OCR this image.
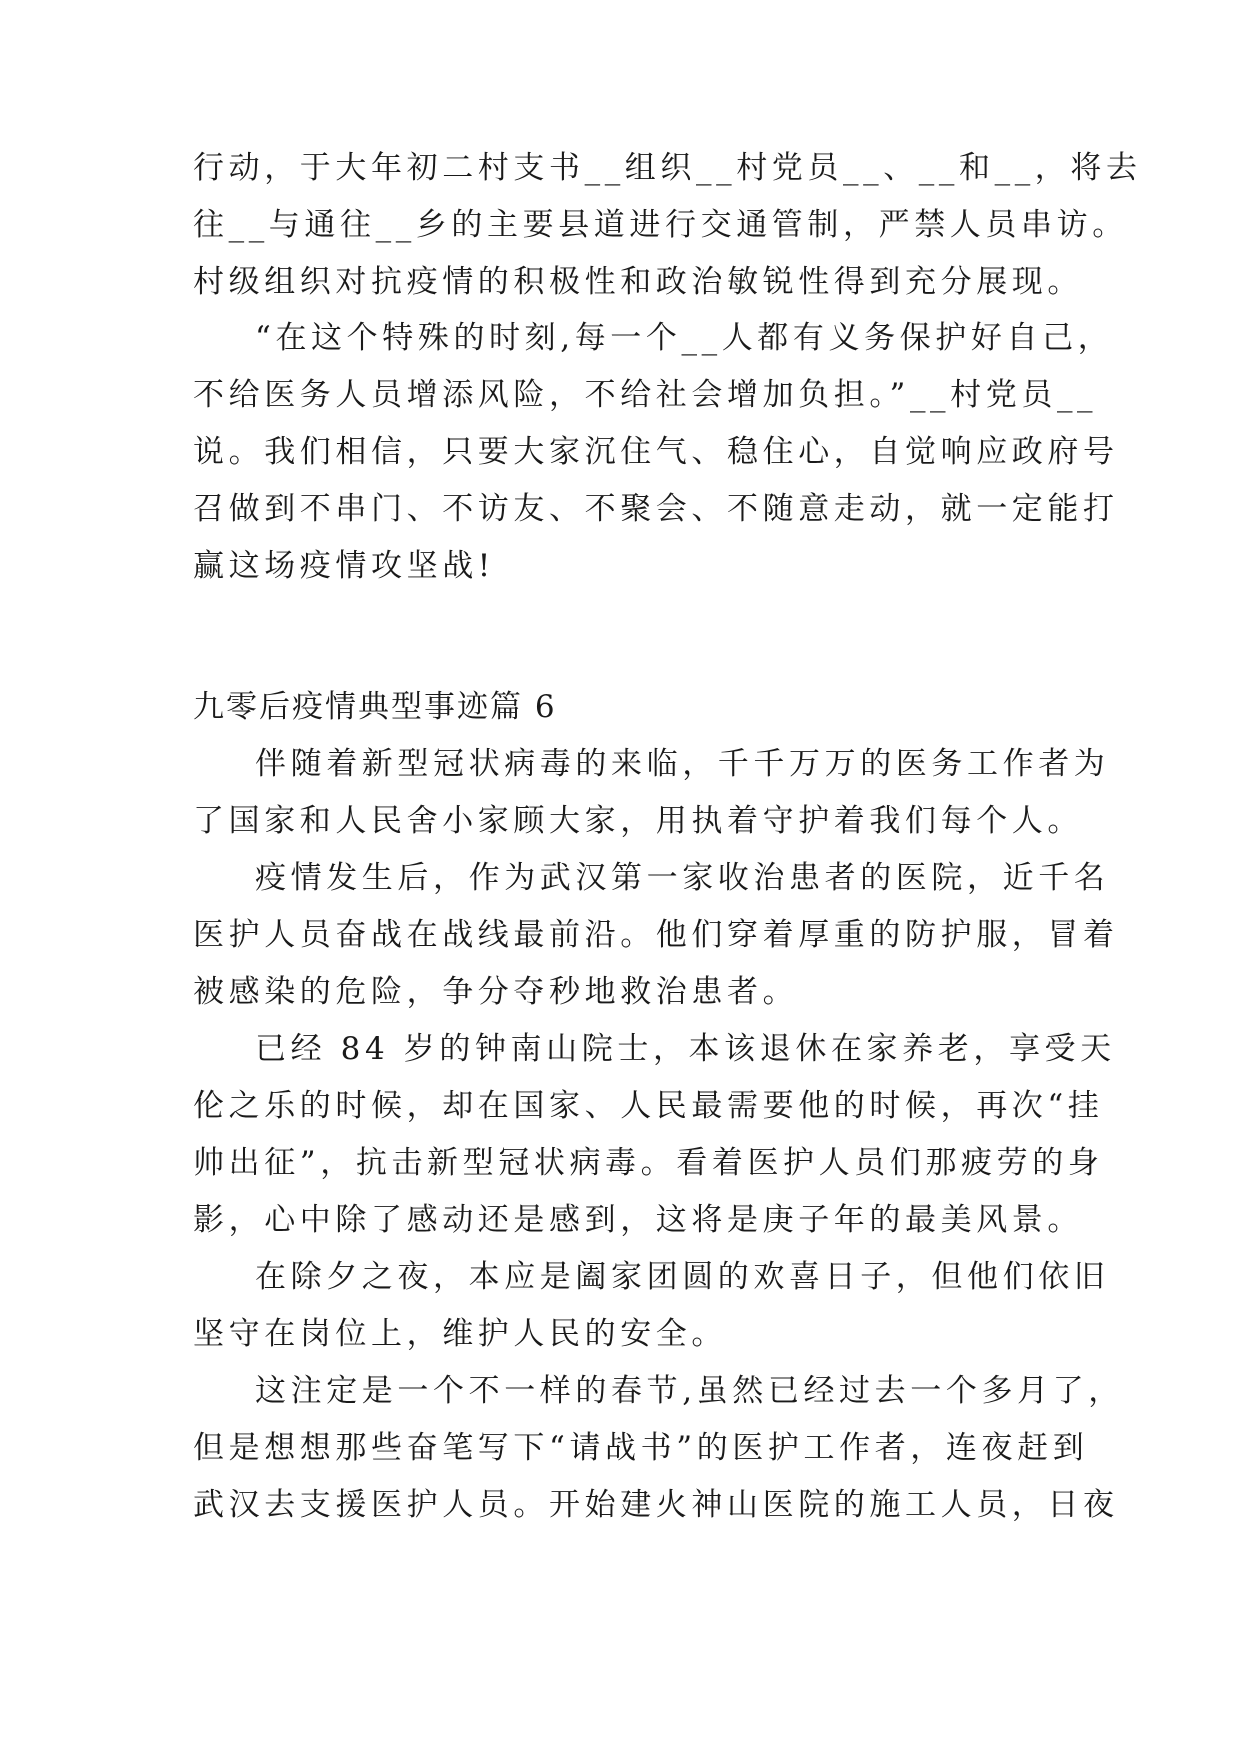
行动，于大年初二村支书__组织__村党员__、__和__，将去
往__与通往__乡的主要县道进行交通管制，严禁人员串访。
村级组织对抗疫情的积极性和政治敏锐性得到充分展现。
“在这个特殊的时刻,每一个__人都有义务保护好自己，
不给医务人员增添风险，不给社会增加负担。”__村党员__
说。我们相信，只要大家沉住气、稳住心，自觉响应政府号
召做到不串门、不访友、不聚会、不随意走动，就一定能打
赢这场疫情攻坚战!
九零后疫情典型事迹篇 6
伴随着新型冠状病毒的来临，千千万万的医务工作者为
了国家和人民舍小家顾大家，用执着守护着我们每个人。
疫情发生后，作为武汉第一家收治患者的医院，近千名
医护人员奋战在战线最前沿。他们穿着厚重的防护服，冒着
被感染的危险，争分夺秒地救治患者。
已经 84 岁的钟南山院士，本该退休在家养老，享受天
伦之乐的时候，却在国家、人民最需要他的时候，再次“挂
帅出征”，抗击新型冠状病毒。看着医护人员们那疲劳的身
影，心中除了感动还是感到，这将是庚子年的最美风景。
在除夕之夜，本应是阖家团圆的欢喜日子，但他们依旧
坚守在岗位上，维护人民的安全。
这注定是一个不一样的春节,虽然已经过去一个多月了，
但是想想那些奋笔写下“请战书”的医护工作者，连夜赶到
武汉去支援医护人员。开始建火神山医院的施工人员，日夜
